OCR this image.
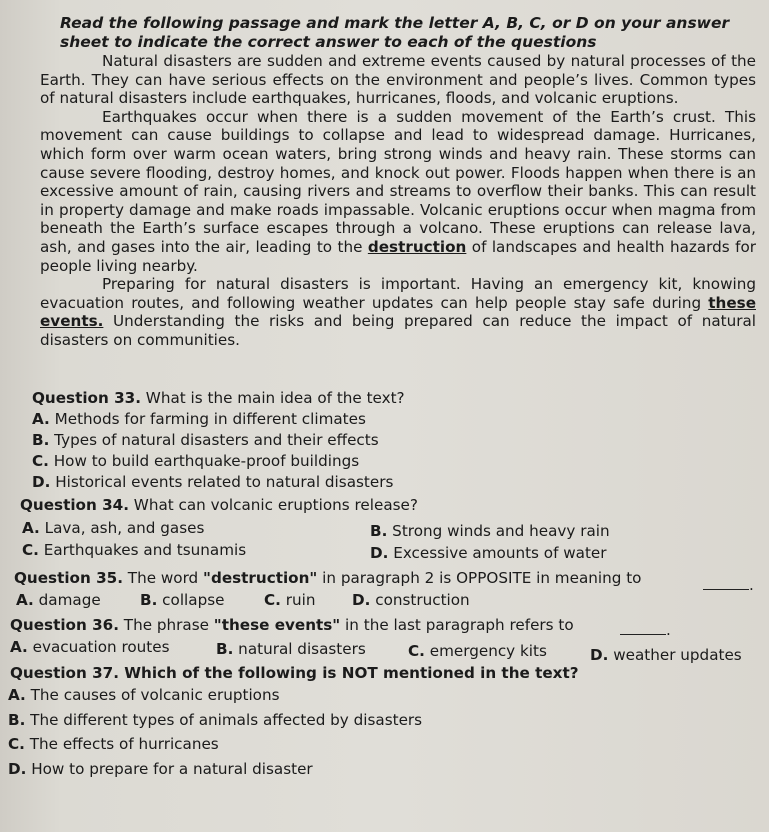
Read the following passage and mark the letter A, B, C, or D on your answer sheet to indicate the correct answer to each of the questions

Natural disasters are sudden and extreme events caused by natural processes of the Earth. They can have serious effects on the environment and people’s lives. Common types of natural disasters include earthquakes, hurricanes, floods, and volcanic eruptions.

Earthquakes occur when there is a sudden movement of the Earth’s crust. This movement can cause buildings to collapse and lead to widespread damage. Hurricanes, which form over warm ocean waters, bring strong winds and heavy rain. These storms can cause severe flooding, destroy homes, and knock out power. Floods happen when there is an excessive amount of rain, causing rivers and streams to overflow their banks. This can result in property damage and make roads impassable. Volcanic eruptions occur when magma from beneath the Earth’s surface escapes through a volcano. These eruptions can release lava, ash, and gases into the air, leading to the destruction of landscapes and health hazards for people living nearby.

Preparing for natural disasters is important. Having an emergency kit, knowing evacuation routes, and following weather updates can help people stay safe during these events. Understanding the risks and being prepared can reduce the impact of natural disasters on communities.

Question 33. What is the main idea of the text?
A. Methods for farming in different climates
B. Types of natural disasters and their effects
C. How to build earthquake-proof buildings
D. Historical events related to natural disasters
Question 34. What can volcanic eruptions release?
A. Lava, ash, and gases	B. Strong winds and heavy rain
C. Earthquakes and tsunamis	D. Excessive amounts of water
Question 35. The word "destruction" in paragraph 2 is OPPOSITE in meaning to	.
A. damage	B. collapse	C. ruin D. construction
Question 36. The phrase "these events" in the last paragraph refers to	.
A. evacuation routes	B. natural disasters	C. emergency kits	D. weather updates
Question 37. Which of the following is NOT mentioned in the text?
A. The causes of volcanic eruptions
B. The different types of animals affected by disasters
C. The effects of hurricanes
D. How to prepare for a natural disaster
